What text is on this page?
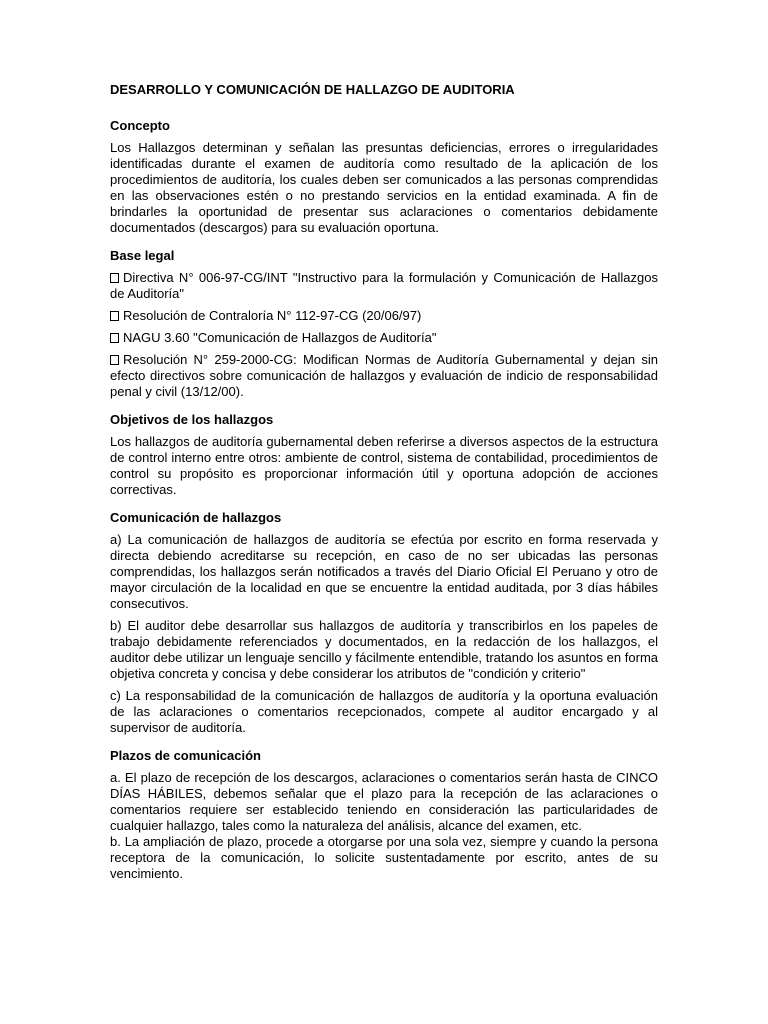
DESARROLLO Y COMUNICACIÓN DE HALLAZGO DE AUDITORIA
Concepto

Los Hallazgos determinan y señalan las presuntas deficiencias, errores o irregularidades identificadas durante el examen de auditoría como resultado de la aplicación de los procedimientos de auditoría, los cuales deben ser comunicados a las personas comprendidas en las observaciones estén o no prestando servicios en la entidad examinada. A fin de brindarles la oportunidad de presentar sus aclaraciones o comentarios debidamente documentados (descargos) para su evaluación oportuna.

Base legal
Directiva N° 006-97-CG/INT "Instructivo para la formulación y Comunicación de Hallazgos de Auditoría"
Resolución de Contraloría N° 112-97-CG (20/06/97)
NAGU 3.60 "Comunicación de Hallazgos de Auditoría"
Resolución N° 259-2000-CG: Modifican Normas de Auditoría Gubernamental y dejan sin efecto directivos sobre comunicación de hallazgos y evaluación de indicio de responsabilidad penal y civil (13/12/00).
Objetivos de los hallazgos

Los hallazgos de auditoría gubernamental deben referirse a diversos aspectos de la estructura de control interno entre otros: ambiente de control, sistema de contabilidad, procedimientos de control su propósito es proporcionar información útil y oportuna adopción de acciones correctivas.

Comunicación de hallazgos

a) La comunicación de hallazgos de auditoría se efectúa por escrito en forma reservada y directa debiendo acreditarse su recepción, en caso de no ser ubicadas las personas comprendidas, los hallazgos serán notificados a través del Diario Oficial El Peruano y otro de mayor circulación de la localidad en que se encuentre la entidad auditada, por 3 días hábiles consecutivos.

b) El auditor debe desarrollar sus hallazgos de auditoría y transcribirlos en los papeles de trabajo debidamente referenciados y documentados, en la redacción de los hallazgos, el auditor debe utilizar un lenguaje sencillo y fácilmente entendible, tratando los asuntos en forma objetiva concreta y concisa y debe considerar los atributos de "condición y criterio"

c) La responsabilidad de la comunicación de hallazgos de auditoría y la oportuna evaluación de las aclaraciones o comentarios recepcionados, compete al auditor encargado y al supervisor de auditoría.

Plazos de comunicación

a. El plazo de recepción de los descargos, aclaraciones o comentarios serán hasta de CINCO DÍAS HÁBILES, debemos señalar que el plazo para la recepción de las aclaraciones o comentarios requiere ser establecido teniendo en consideración las particularidades de cualquier hallazgo, tales como la naturaleza del análisis, alcance del examen, etc.

b. La ampliación de plazo, procede a otorgarse por una sola vez, siempre y cuando la persona receptora de la comunicación, lo solicite sustentadamente por escrito, antes de su vencimiento.
